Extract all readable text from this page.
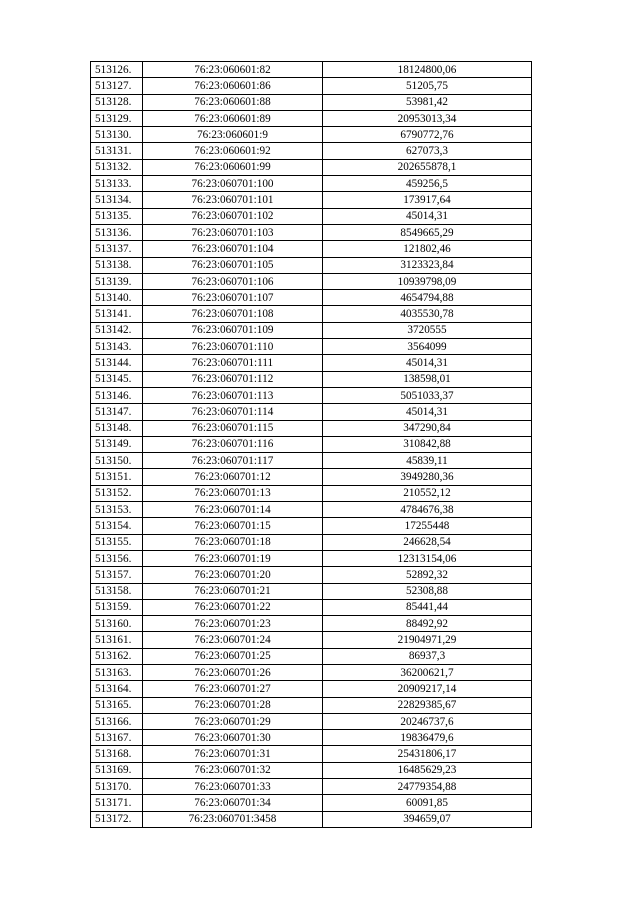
513126.	76:23:060601:82	18124800,06
513127.	76:23:060601:86	51205,75
513128.	76:23:060601:88	53981,42
513129.	76:23:060601:89	20953013,34
513130.	76:23:060601:9	6790772,76
513131.	76:23:060601:92	627073,3
513132.	76:23:060601:99	202655878,1
513133.	76:23:060701:100	459256,5
513134.	76:23:060701:101	173917,64
513135.	76:23:060701:102	45014,31
513136.	76:23:060701:103	8549665,29
513137.	76:23:060701:104	121802,46
513138.	76:23:060701:105	3123323,84
513139.	76:23:060701:106	10939798,09
513140.	76:23:060701:107	4654794,88
513141.	76:23:060701:108	4035530,78
513142.	76:23:060701:109	3720555
513143.	76:23:060701:110	3564099
513144.	76:23:060701:111	45014,31
513145.	76:23:060701:112	138598,01
513146.	76:23:060701:113	5051033,37
513147.	76:23:060701:114	45014,31
513148.	76:23:060701:115	347290,84
513149.	76:23:060701:116	310842,88
513150.	76:23:060701:117	45839,11
513151.	76:23:060701:12	3949280,36
513152.	76:23:060701:13	210552,12
513153.	76:23:060701:14	4784676,38
513154.	76:23:060701:15	17255448
513155.	76:23:060701:18	246628,54
513156.	76:23:060701:19	12313154,06
513157.	76:23:060701:20	52892,32
513158.	76:23:060701:21	52308,88
513159.	76:23:060701:22	85441,44
513160.	76:23:060701:23	88492,92
513161.	76:23:060701:24	21904971,29
513162.	76:23:060701:25	86937,3
513163.	76:23:060701:26	36200621,7
513164.	76:23:060701:27	20909217,14
513165.	76:23:060701:28	22829385,67
513166.	76:23:060701:29	20246737,6
513167.	76:23:060701:30	19836479,6
513168.	76:23:060701:31	25431806,17
513169.	76:23:060701:32	16485629,23
513170.	76:23:060701:33	24779354,88
513171.	76:23:060701:34	60091,85
513172.	76:23:060701:3458	394659,07
